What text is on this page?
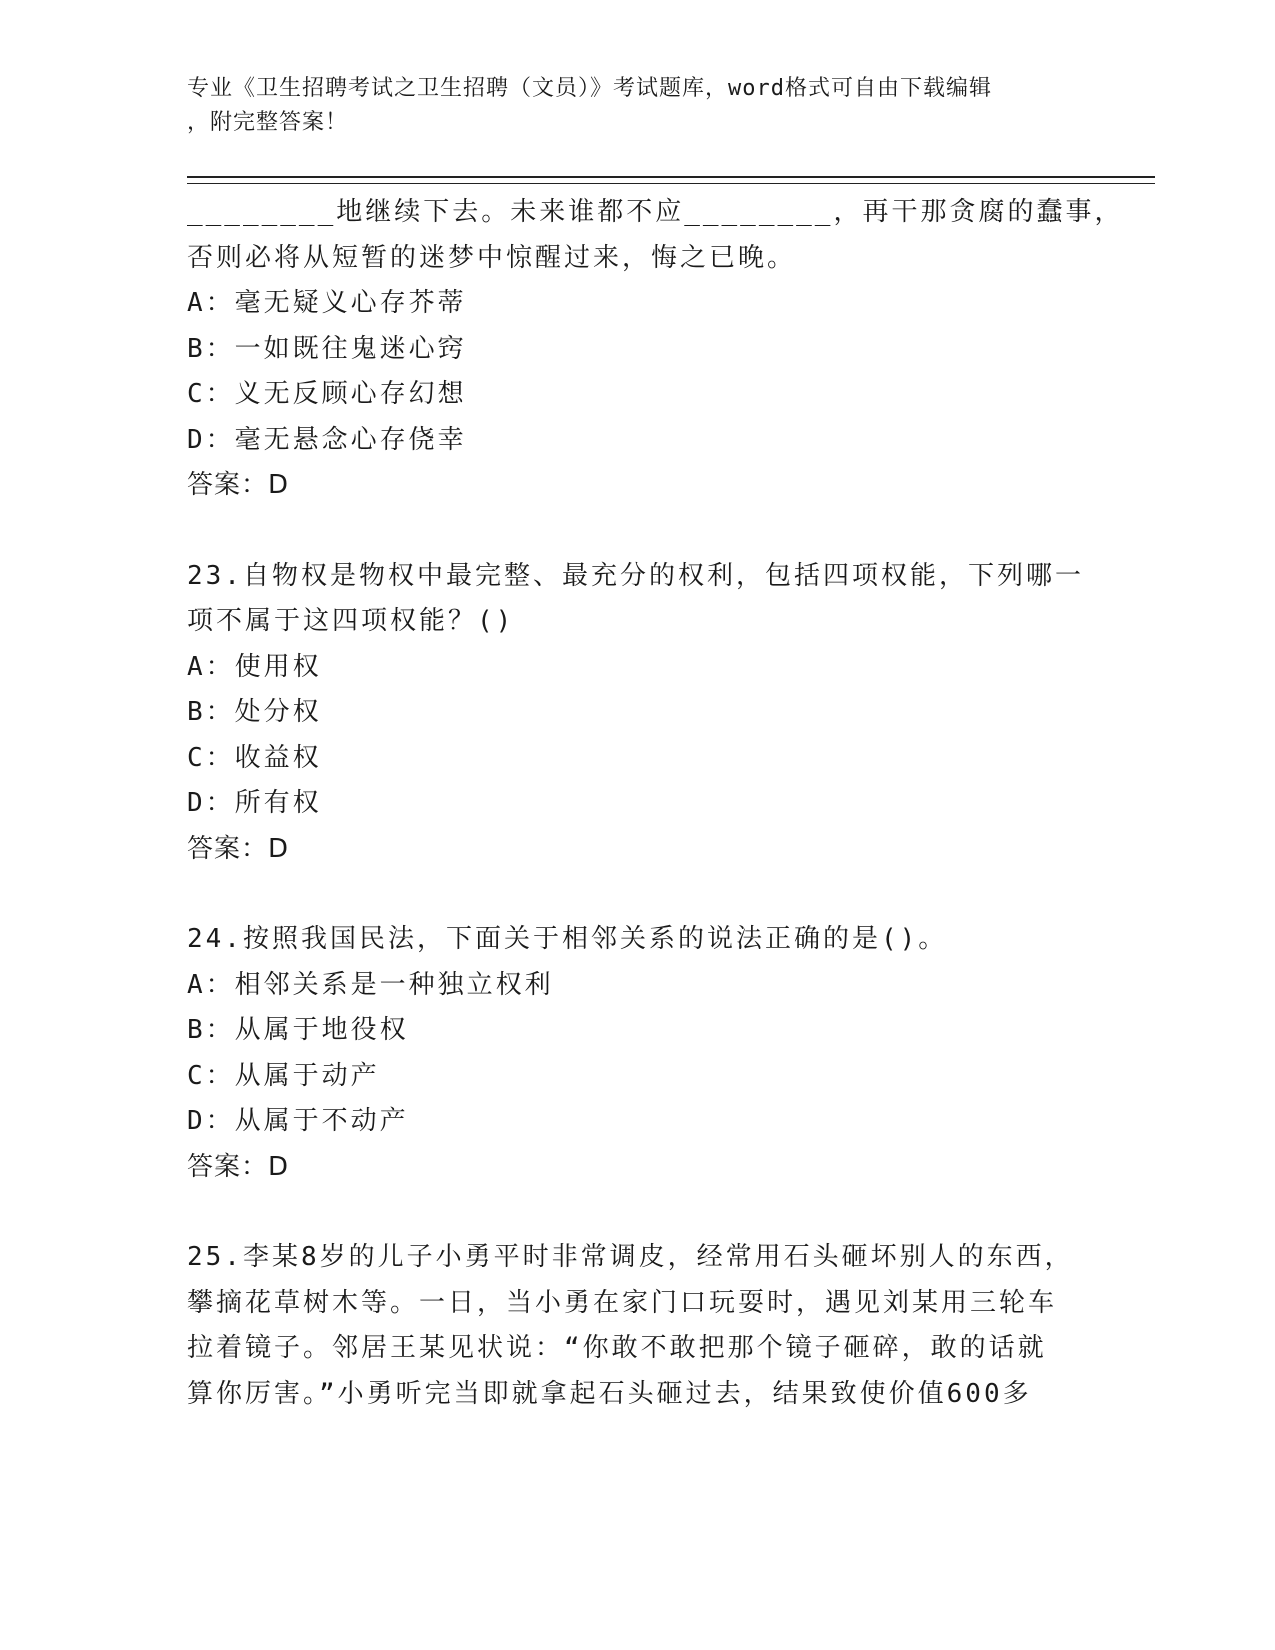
专业《卫生招聘考试之卫生招聘（文员）》考试题库，word格式可自由下载编辑
，附完整答案！

________地继续下去。未来谁都不应________，再干那贪腐的蠢事，

否则必将从短暂的迷梦中惊醒过来，悔之已晚。

A：毫无疑义心存芥蒂

B：一如既往鬼迷心窍

C：义无反顾心存幻想

D：毫无悬念心存侥幸

答案：D

23.自物权是物权中最完整、最充分的权利，包括四项权能，下列哪一

项不属于这四项权能？()

A：使用权

B：处分权

C：收益权

D：所有权

答案：D

24.按照我国民法，下面关于相邻关系的说法正确的是()。

A：相邻关系是一种独立权利

B：从属于地役权

C：从属于动产

D：从属于不动产

答案：D

25.李某8岁的儿子小勇平时非常调皮，经常用石头砸坏别人的东西，

攀摘花草树木等。一日，当小勇在家门口玩耍时，遇见刘某用三轮车

拉着镜子。邻居王某见状说：“你敢不敢把那个镜子砸碎，敢的话就

算你厉害。”小勇听完当即就拿起石头砸过去，结果致使价值600多
